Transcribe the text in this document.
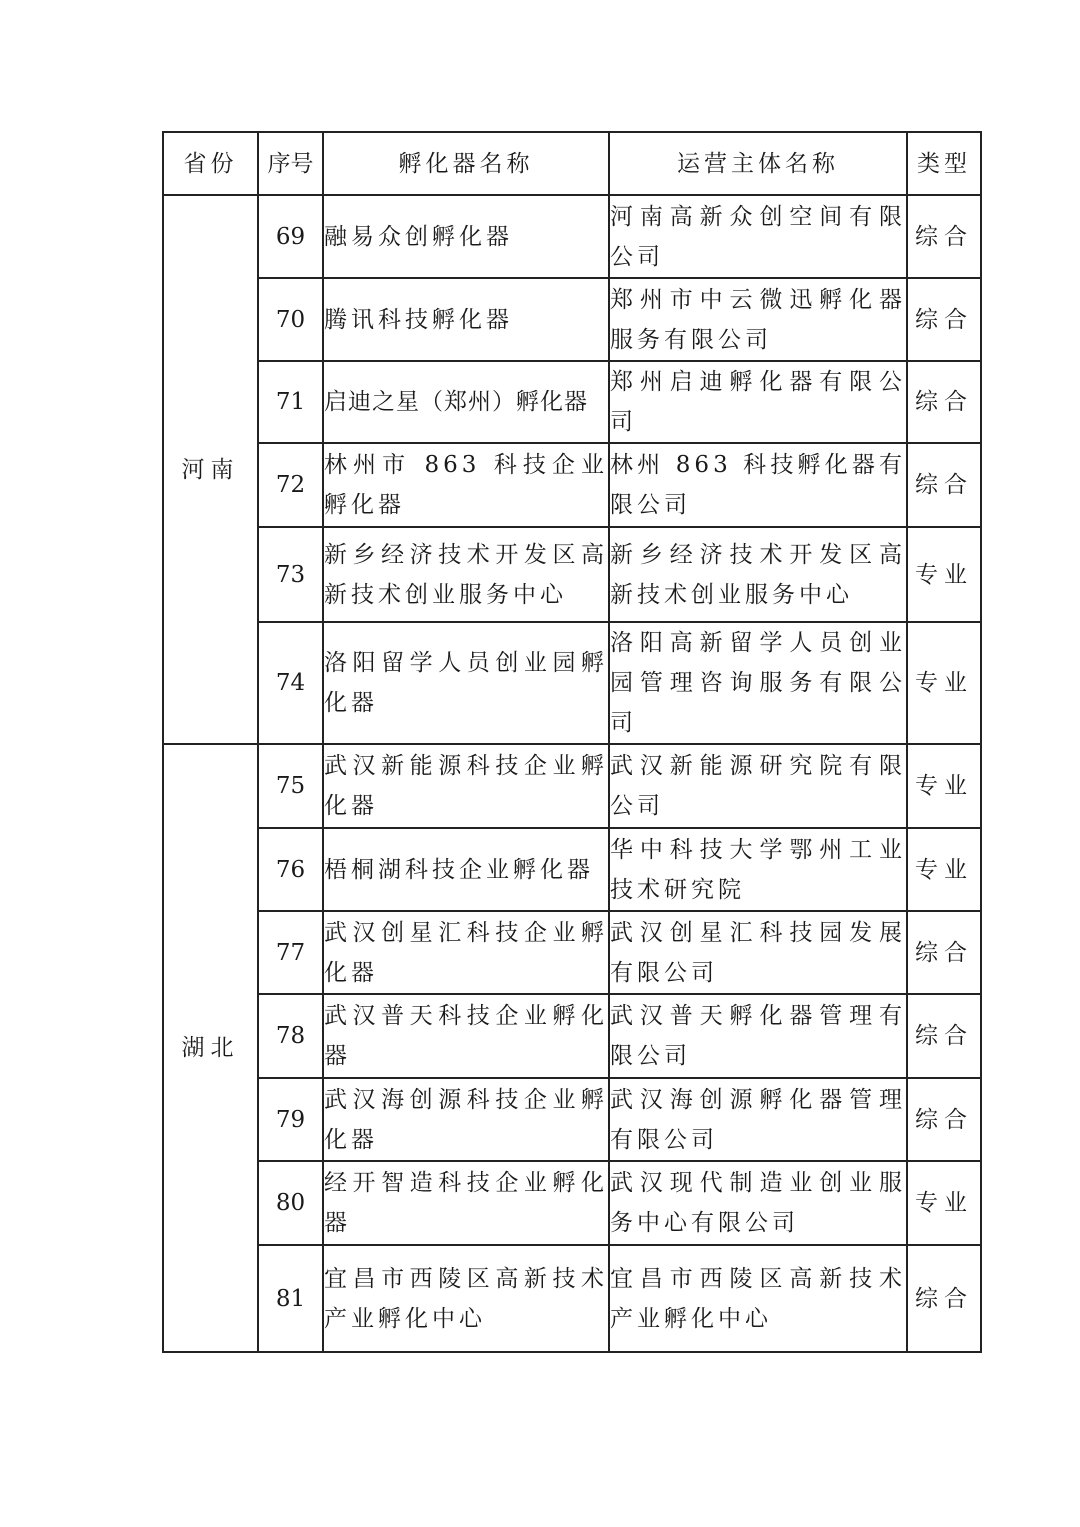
省份	序号	孵化器名称	运营主体名称	类型
河南	69	融易众创孵化器	河南高新众创空间有限公司	综合
	70	腾讯科技孵化器	郑州市中云微迅孵化器服务有限公司	综合
	71	启迪之星（郑州）孵化器	郑州启迪孵化器有限公司	综合
	72	林州市 863 科技企业孵化器	林州 863 科技孵化器有限公司	综合
	73	新乡经济技术开发区高新技术创业服务中心	新乡经济技术开发区高新技术创业服务中心	专业
	74	洛阳留学人员创业园孵化器	洛阳高新留学人员创业园管理咨询服务有限公司	专业
湖北	75	武汉新能源科技企业孵化器	武汉新能源研究院有限公司	专业
	76	梧桐湖科技企业孵化器	华中科技大学鄂州工业技术研究院	专业
	77	武汉创星汇科技企业孵化器	武汉创星汇科技园发展有限公司	综合
	78	武汉普天科技企业孵化器	武汉普天孵化器管理有限公司	综合
	79	武汉海创源科技企业孵化器	武汉海创源孵化器管理有限公司	综合
	80	经开智造科技企业孵化器	武汉现代制造业创业服务中心有限公司	专业
	81	宜昌市西陵区高新技术产业孵化中心	宜昌市西陵区高新技术产业孵化中心	综合
